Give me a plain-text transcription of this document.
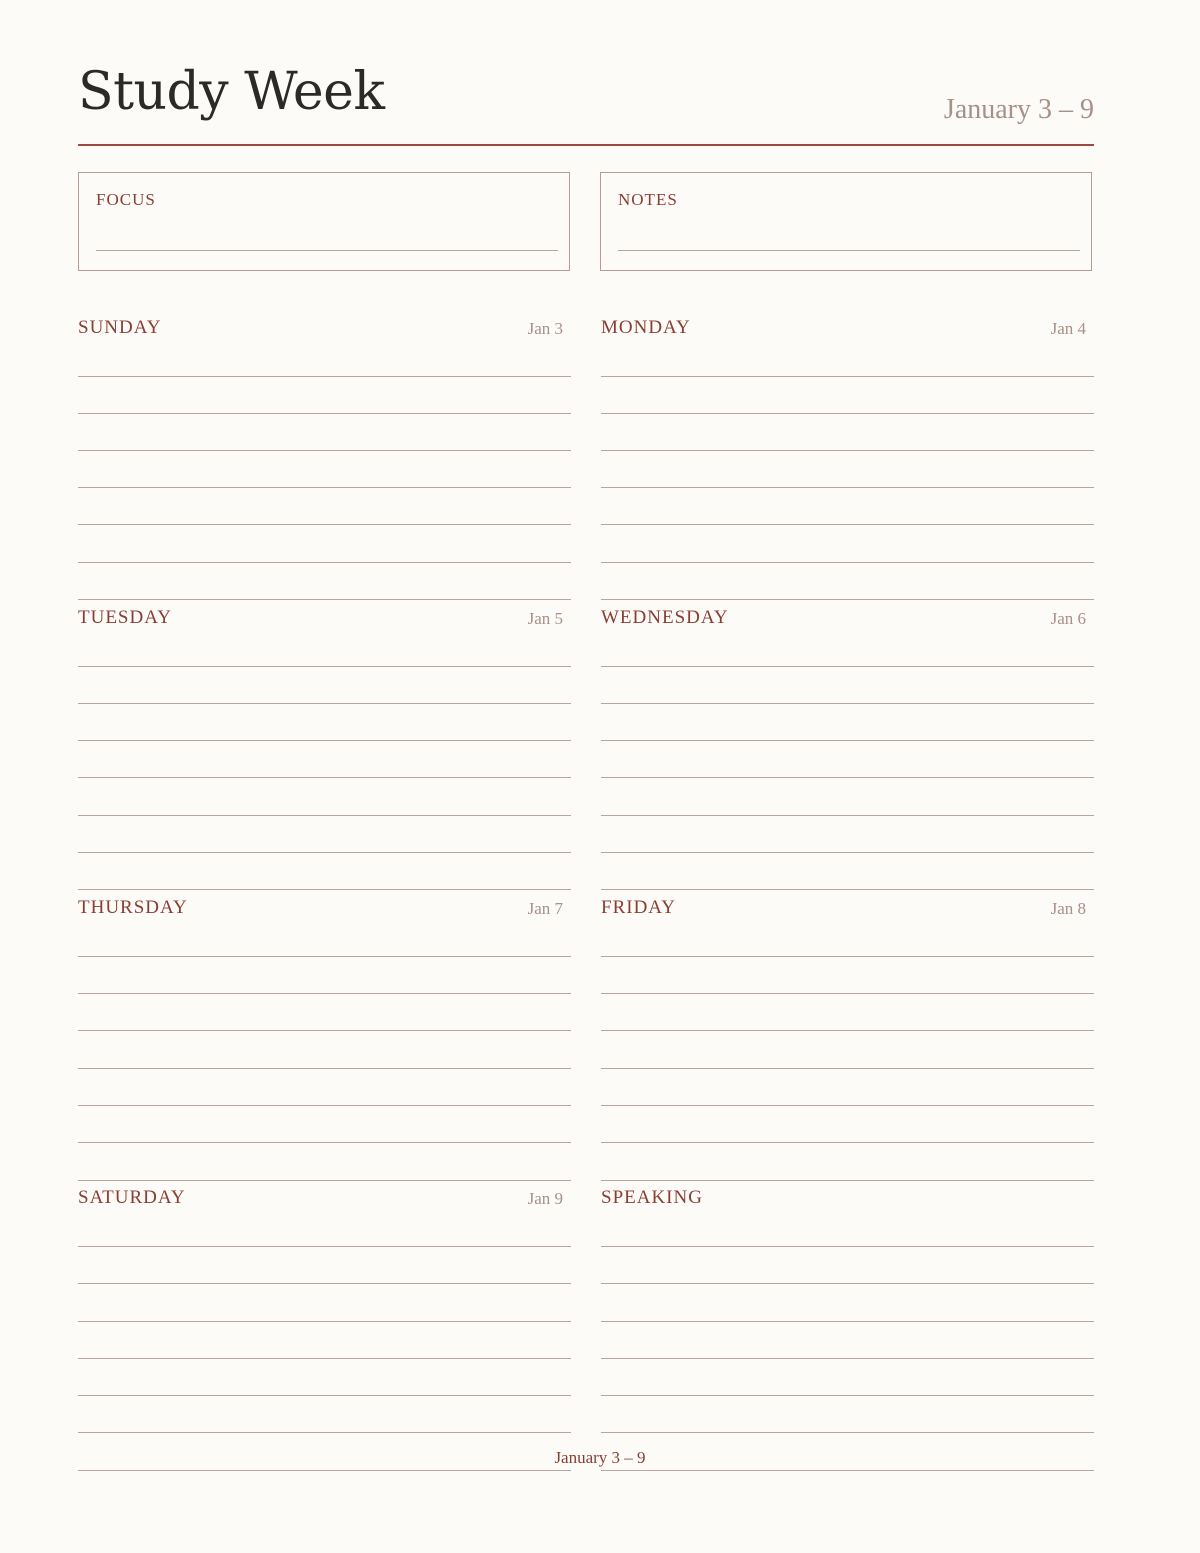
Study Week	January 3 – 9
FOCUS	NOTES
SUNDAY	Jan 3 MONDAY	Jan 4
TUESDAY	Jan 5 WEDNESDAY	Jan 6
THURSDAY	Jan 7 FRIDAY	Jan 8
SATURDAY	Jan 9 SPEAKING
January 3 – 9
